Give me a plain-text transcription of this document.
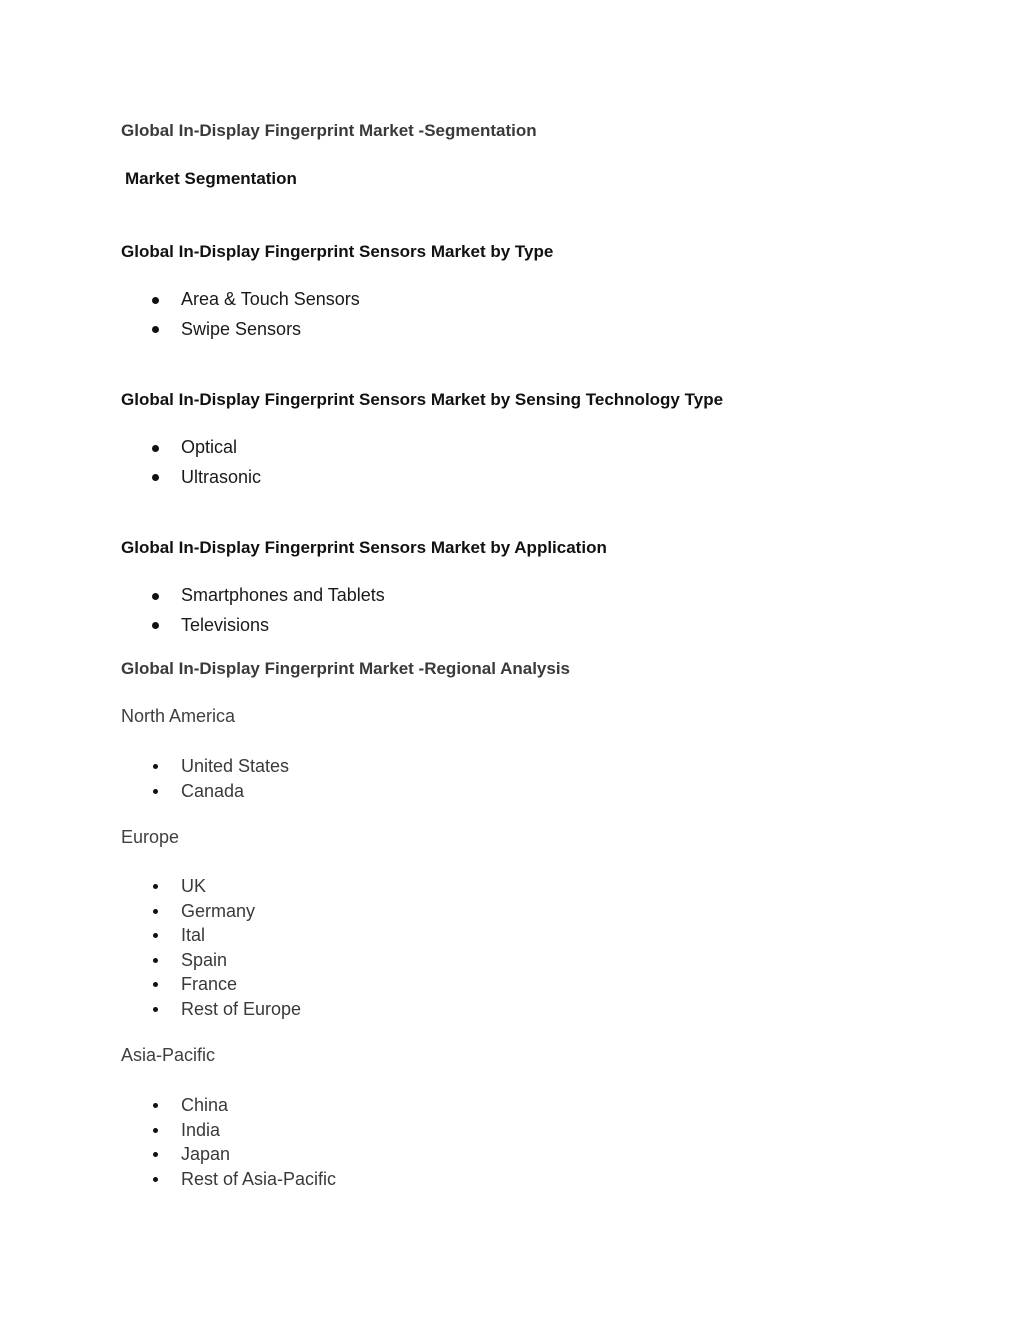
Global In-Display Fingerprint Market -Segmentation

Market Segmentation

Global In-Display Fingerprint Sensors Market by Type

Area & Touch Sensors
Swipe Sensors

Global In-Display Fingerprint Sensors Market by Sensing Technology Type

Optical
Ultrasonic

Global In-Display Fingerprint Sensors Market by Application

Smartphones and Tablets
Televisions

Global In-Display Fingerprint Market -Regional Analysis

North America

United States
Canada

Europe

UK
Germany
Ital
Spain
France
Rest of Europe

Asia-Pacific

China
India
Japan
Rest of Asia-Pacific
